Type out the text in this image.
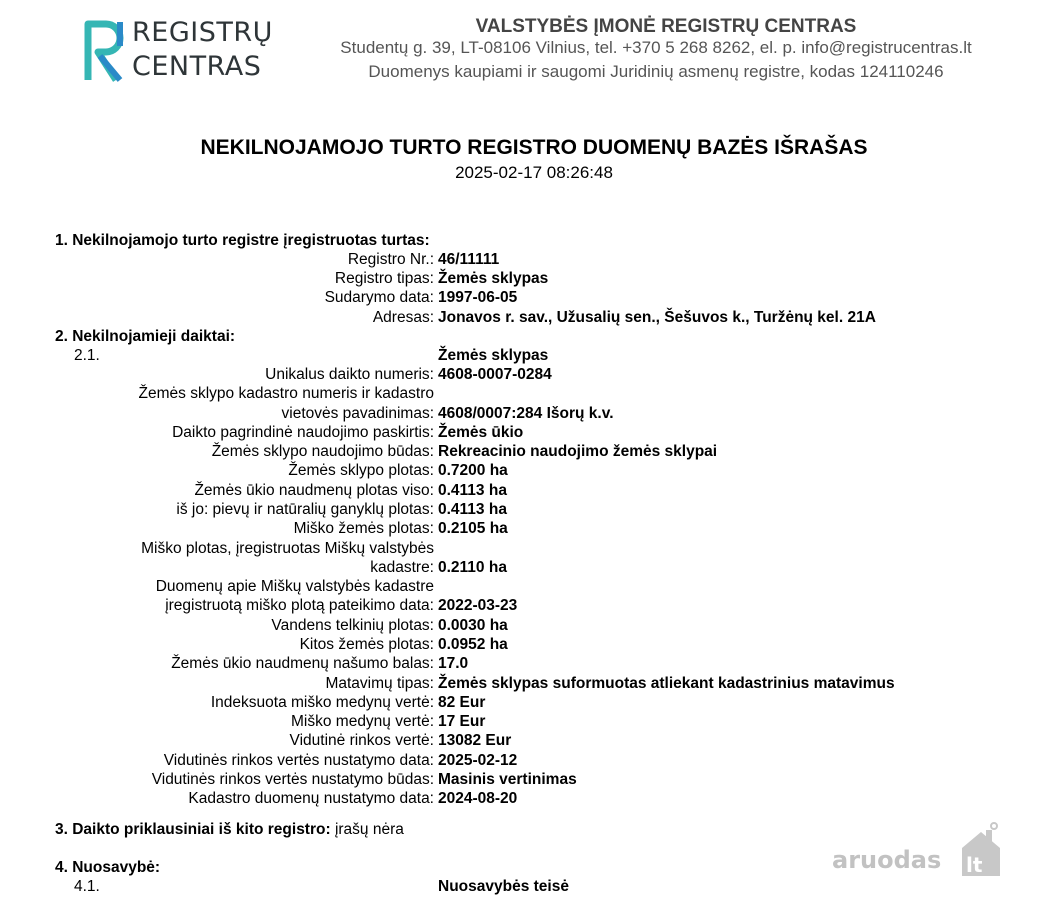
REGISTRŲ
CENTRAS
VALSTYBĖS ĮMONĖ REGISTRŲ CENTRAS
Studentų g. 39, LT-08106 Vilnius, tel. +370 5 268 8262, el. p. info@registrucentras.lt
Duomenys kaupiami ir saugomi Juridinių asmenų registre, kodas 124110246
NEKILNOJAMOJO TURTO REGISTRO DUOMENŲ BAZĖS IŠRAŠAS
2025-02-17 08:26:48
1. Nekilnojamojo turto registre įregistruotas turtas:
Registro Nr.: 46/11111
Registro tipas: Žemės sklypas
Sudarymo data: 1997-06-05
Adresas: Jonavos r. sav., Užusalių sen., Šešuvos k., Turžėnų kel. 21A
2. Nekilnojamieji daiktai:
2.1.	Žemės sklypas
Unikalus daikto numeris: 4608-0007-0284
Žemės sklypo kadastro numeris ir kadastro
vietovės pavadinimas: 4608/0007:284 Išorų k.v.
Daikto pagrindinė naudojimo paskirtis: Žemės ūkio
Žemės sklypo naudojimo būdas: Rekreacinio naudojimo žemės sklypai
Žemės sklypo plotas: 0.7200 ha
Žemės ūkio naudmenų plotas viso: 0.4113 ha
iš jo: pievų ir natūralių ganyklų plotas: 0.4113 ha
Miško žemės plotas: 0.2105 ha
Miško plotas, įregistruotas Miškų valstybės
kadastre: 0.2110 ha
Duomenų apie Miškų valstybės kadastre
įregistruotą miško plotą pateikimo data: 2022-03-23
Vandens telkinių plotas: 0.0030 ha
Kitos žemės plotas: 0.0952 ha
Žemės ūkio naudmenų našumo balas: 17.0
Matavimų tipas: Žemės sklypas suformuotas atliekant kadastrinius matavimus
Indeksuota miško medynų vertė: 82 Eur
Miško medynų vertė: 17 Eur
Vidutinė rinkos vertė: 13082 Eur
Vidutinės rinkos vertės nustatymo data: 2025-02-12
Vidutinės rinkos vertės nustatymo būdas: Masinis vertinimas
Kadastro duomenų nustatymo data: 2024-08-20
3. Daikto priklausiniai iš kito registro: įrašų nėra
4. Nuosavybė:
4.1.	Nuosavybės teisė
aruodas lt
